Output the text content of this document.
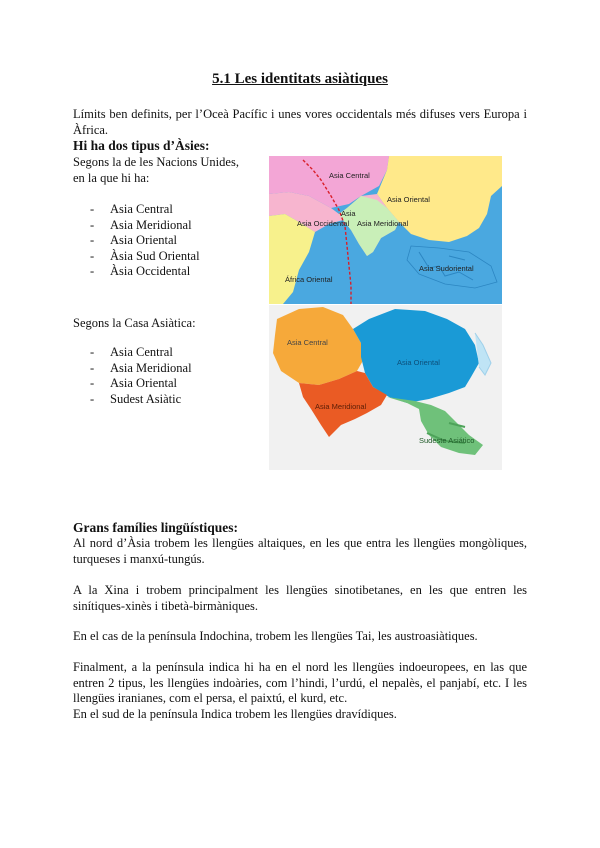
5.1 Les identitats asiàtiques
Límits ben definits, per l’Oceà Pacífic i unes vores occidentals més difuses vers Europa i Àfrica.
Hi ha dos tipus d’Àsies:
Segons la de les Nacions Unides,
en la que hi ha:
- Asia Central
- Asia Meridional
- Asia Oriental
- Àsia Sud Oriental
- Àsia Occidental
Segons la Casa Asiàtica:
- Asia Central
- Asia Meridional
- Asia Oriental
- Sudest Asiàtic
Asia Central
Asia
Asia Occidental Asia Meridional
Asia Oriental
Asia Sudoriental
África Oriental
Asia Central
Asia Oriental
Asia Meridional
Sudeste Asiático
Grans famílies lingüístiques:
Al nord d’Àsia trobem les llengües altaiques, en les que entra les llengües mongòliques, turqueses i manxú-tungús.
A la Xina i trobem principalment les llengües sinotibetanes, en les que entren les sinítiques-xinès i tibetà-birmàniques.
En el cas de la península Indochina, trobem les llengües Tai, les austroasiàtiques.
Finalment, a la península indica hi ha en el nord les llengües indoeuropees, en las que entren 2 tipus, les llengües indoàries, com l’hindi, l’urdú, el nepalès, el panjabí, etc. I les llengües iranianes, com el persa, el paixtú, el kurd, etc.
En el sud de la península Indica trobem les llengües dravídiques.
